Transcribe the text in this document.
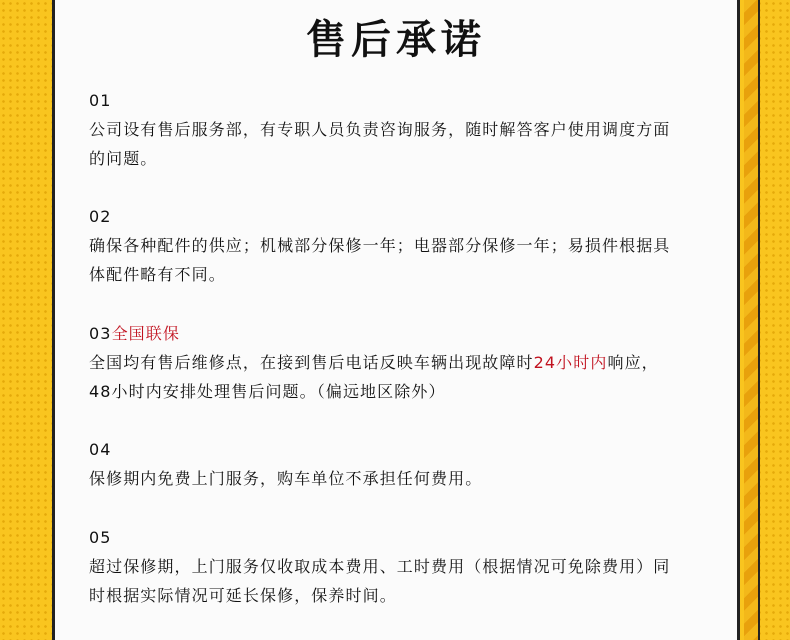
售后承诺
01
公司设有售后服务部，有专职人员负责咨询服务，随时解答客户使用调度方面
的问题。
02
确保各种配件的供应；机械部分保修一年；电器部分保修一年；易损件根据具
体配件略有不同。
03全国联保
全国均有售后维修点，在接到售后电话反映车辆出现故障时24小时内响应，
48小时内安排处理售后问题。（偏远地区除外）
04
保修期内免费上门服务，购车单位不承担任何费用。
05
超过保修期，上门服务仅收取成本费用、工时费用（根据情况可免除费用）同
时根据实际情况可延长保修，保养时间。
